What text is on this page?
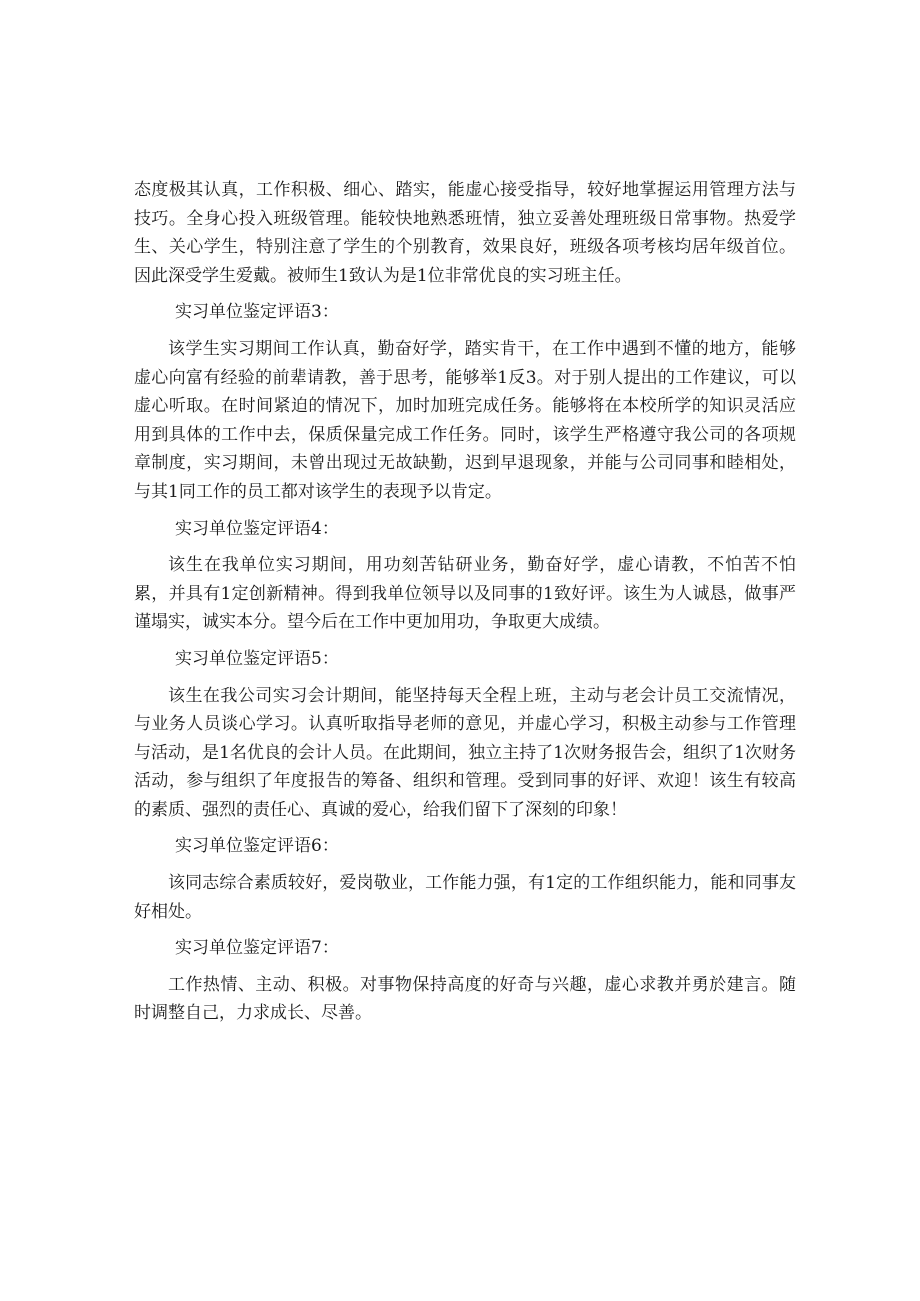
态度极其认真，工作积极、细心、踏实，能虚心接受指导，较好地掌握运用管理方法与技巧。全身心投入班级管理。能较快地熟悉班情，独立妥善处理班级日常事物。热爱学生、关心学生，特别注意了学生的个别教育，效果良好，班级各项考核均居年级首位。因此深受学生爱戴。被师生1致认为是1位非常优良的实习班主任。

实习单位鉴定评语3：

该学生实习期间工作认真，勤奋好学，踏实肯干，在工作中遇到不懂的地方，能够虚心向富有经验的前辈请教，善于思考，能够举1反3。对于别人提出的工作建议，可以虚心听取。在时间紧迫的情况下，加时加班完成任务。能够将在本校所学的知识灵活应用到具体的工作中去，保质保量完成工作任务。同时，该学生严格遵守我公司的各项规章制度，实习期间，未曾出现过无故缺勤，迟到早退现象，并能与公司同事和睦相处，与其1同工作的员工都对该学生的表现予以肯定。

实习单位鉴定评语4：

该生在我单位实习期间，用功刻苦钻研业务，勤奋好学，虚心请教，不怕苦不怕累，并具有1定创新精神。得到我单位领导以及同事的1致好评。该生为人诚恳，做事严谨塌实，诚实本分。望今后在工作中更加用功，争取更大成绩。

实习单位鉴定评语5：

该生在我公司实习会计期间，能坚持每天全程上班，主动与老会计员工交流情况，与业务人员谈心学习。认真听取指导老师的意见，并虚心学习，积极主动参与工作管理与活动，是1名优良的会计人员。在此期间，独立主持了1次财务报告会，组织了1次财务活动，参与组织了年度报告的筹备、组织和管理。受到同事的好评、欢迎！该生有较高的素质、强烈的责任心、真诚的爱心，给我们留下了深刻的印象！

实习单位鉴定评语6：

该同志综合素质较好，爱岗敬业，工作能力强，有1定的工作组织能力，能和同事友好相处。

实习单位鉴定评语7：

工作热情、主动、积极。对事物保持高度的好奇与兴趣，虚心求教并勇於建言。随时调整自己，力求成长、尽善。
